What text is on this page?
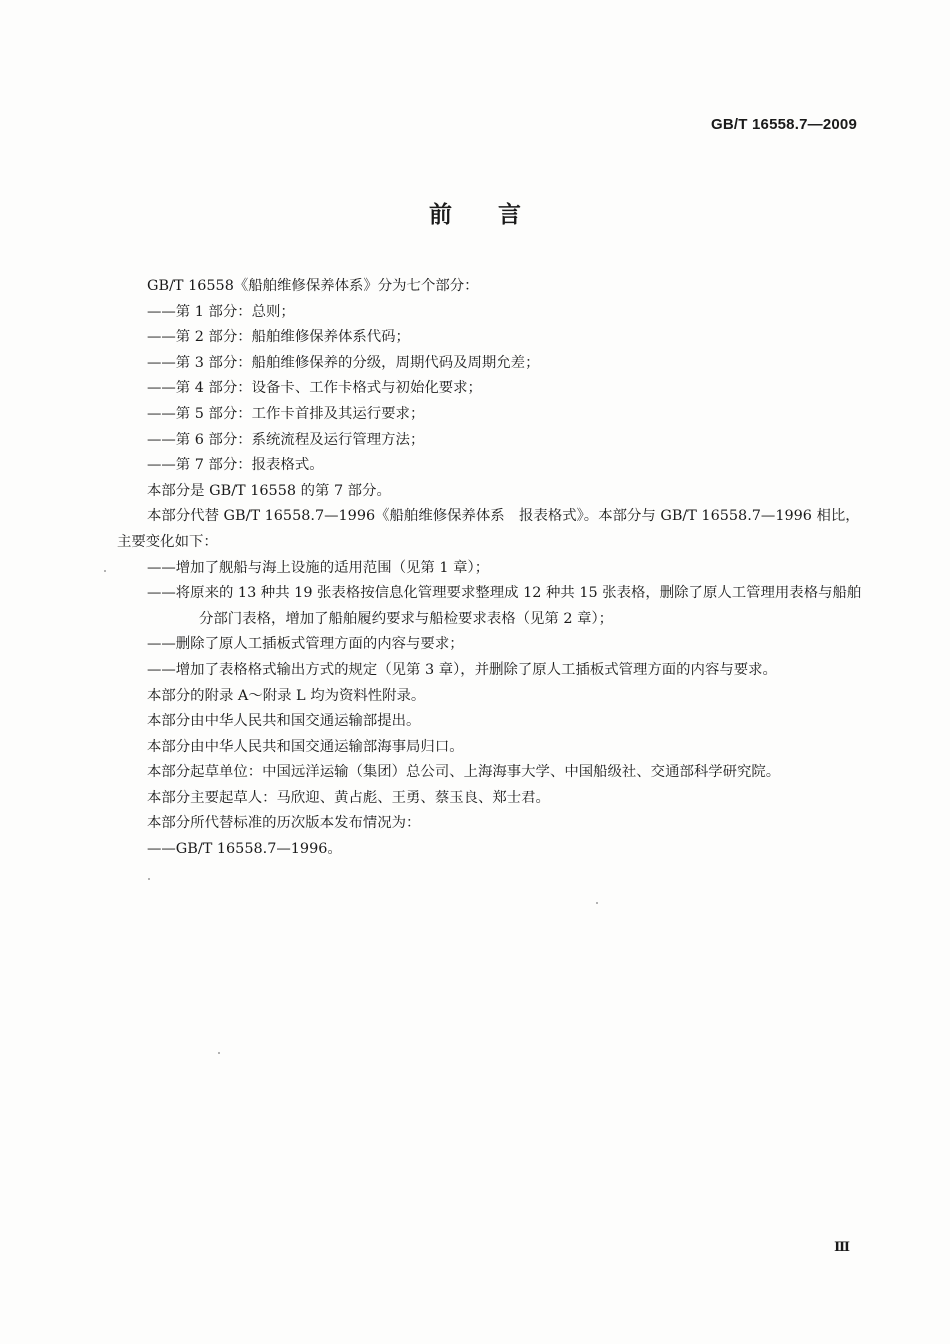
GB/T 16558.7—2009
前言

GB/T 16558《船舶维修保养体系》分为七个部分：

——第 1 部分：总则；

——第 2 部分：船舶维修保养体系代码；

——第 3 部分：船舶维修保养的分级，周期代码及周期允差；

——第 4 部分：设备卡、工作卡格式与初始化要求；

——第 5 部分：工作卡首排及其运行要求；

——第 6 部分：系统流程及运行管理方法；

——第 7 部分：报表格式。

本部分是 GB/T 16558 的第 7 部分。

本部分代替 GB/T 16558.7—1996《船舶维修保养体系　报表格式》。本部分与 GB/T 16558.7—1996 相比，主要变化如下：

——增加了舰船与海上设施的适用范围（见第 1 章）；

——将原来的 13 种共 19 张表格按信息化管理要求整理成 12 种共 15 张表格，删除了原人工管理用表格与船舶分部门表格，增加了船舶履约要求与船检要求表格（见第 2 章）；

——删除了原人工插板式管理方面的内容与要求；

——增加了表格格式输出方式的规定（见第 3 章），并删除了原人工插板式管理方面的内容与要求。

本部分的附录 A～附录 L 均为资料性附录。

本部分由中华人民共和国交通运输部提出。

本部分由中华人民共和国交通运输部海事局归口。

本部分起草单位：中国远洋运输（集团）总公司、上海海事大学、中国船级社、交通部科学研究院。

本部分主要起草人：马欣迎、黄占彪、王勇、蔡玉良、郑士君。

本部分所代替标准的历次版本发布情况为：

——GB/T 16558.7—1996。

Ⅲ
